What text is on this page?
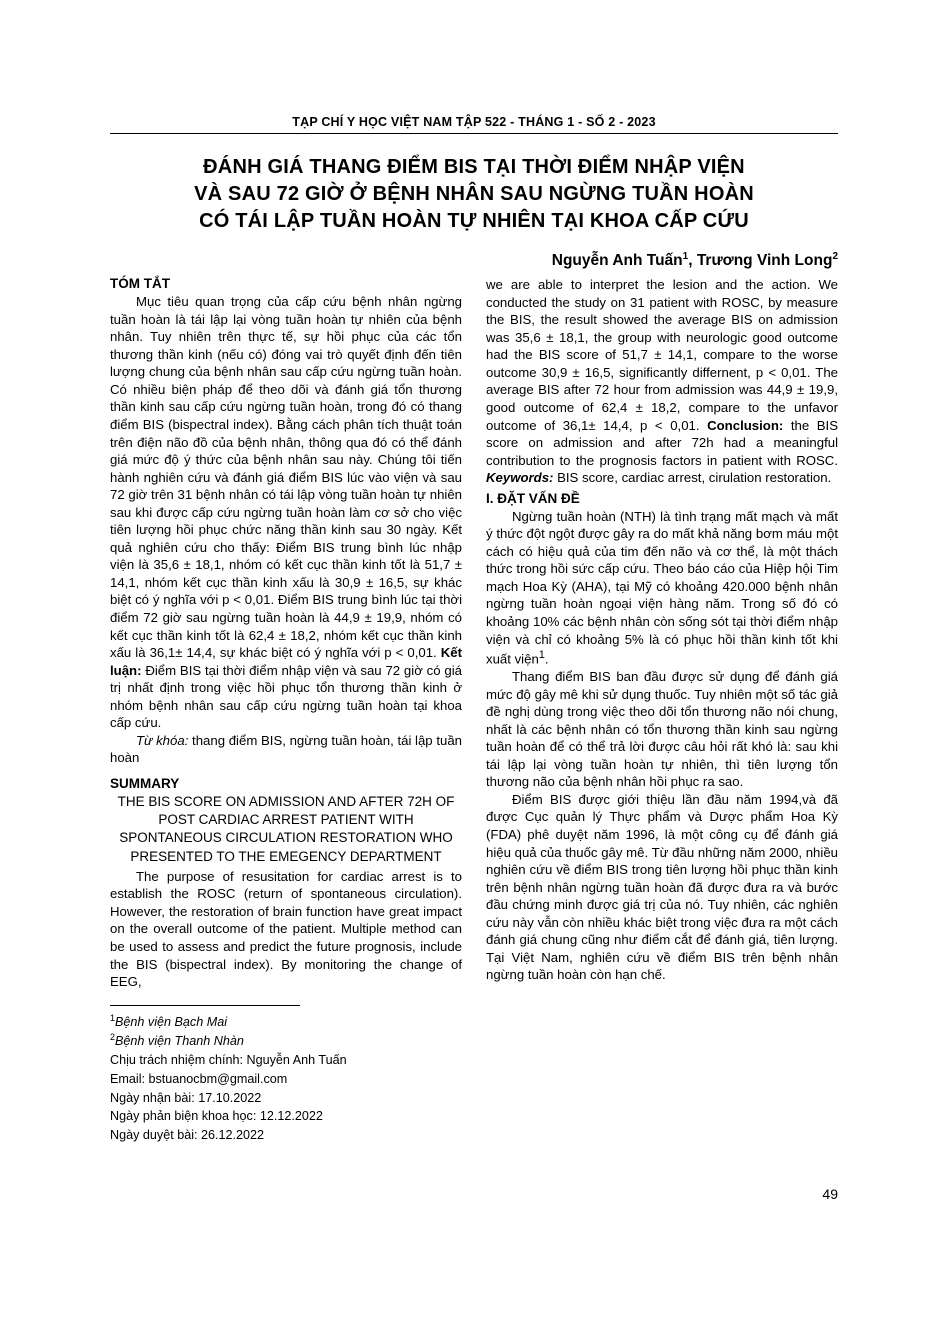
TẠP CHÍ Y HỌC VIỆT NAM TẬP 522 - THÁNG 1 - SỐ 2 - 2023
ĐÁNH GIÁ THANG ĐIỂM BIS TẠI THỜI ĐIỂM NHẬP VIỆN
VÀ SAU 72 GIỜ Ở BỆNH NHÂN SAU NGỪNG TUẦN HOÀN
CÓ TÁI LẬP TUẦN HOÀN TỰ NHIÊN TẠI KHOA CẤP CỨU
Nguyễn Anh Tuấn$^1$, Trương Vinh Long$^2$
TÓM TẮT

Mục tiêu quan trọng của cấp cứu bệnh nhân ngừng tuần hoàn là tái lập lại vòng tuần hoàn tự nhiên của bệnh nhân. Tuy nhiên trên thực tế, sự hồi phục của các tổn thương thần kinh (nếu có) đóng vai trò quyết định đến tiên lượng chung của bệnh nhân sau cấp cứu ngừng tuần hoàn. Có nhiều biện pháp để theo dõi và đánh giá tổn thương thần kinh sau cấp cứu ngừng tuần hoàn, trong đó có thang điểm BIS (bispectral index). Bằng cách phân tích thuật toán trên điện não đồ của bệnh nhân, thông qua đó có thể đánh giá mức độ ý thức của bệnh nhân sau này. Chúng tôi tiến hành nghiên cứu và đánh giá điểm BIS lúc vào viện và sau 72 giờ trên 31 bệnh nhân có tái lập vòng tuần hoàn tự nhiên sau khi được cấp cứu ngừng tuần hoàn làm cơ sở cho việc tiên lượng hồi phục chức năng thần kinh sau 30 ngày. Kết quả nghiên cứu cho thấy: Điểm BIS trung bình lúc nhập viện là 35,6 ± 18,1, nhóm có kết cục thần kinh tốt là 51,7 ± 14,1, nhóm kết cục thần kinh xấu là 30,9 ± 16,5, sự khác biệt có ý nghĩa với p < 0,01. Điểm BIS trung bình lúc tại thời điểm 72 giờ sau ngừng tuần hoàn là 44,9 ± 19,9, nhóm có kết cục thần kinh tốt là 62,4 ± 18,2, nhóm kết cục thần kinh xấu là 36,1± 14,4, sự khác biệt có ý nghĩa với p < 0,01. Kết luận: Điểm BIS tại thời điểm nhập viện và sau 72 giờ có giá trị nhất định trong việc hồi phục tổn thương thần kinh ở nhóm bệnh nhân sau cấp cứu ngừng tuần hoàn tại khoa cấp cứu.

Từ khóa: thang điểm BIS, ngừng tuần hoàn, tái lập tuần hoàn

SUMMARY
THE BIS SCORE ON ADMISSION AND AFTER 72H OF POST CARDIAC ARREST PATIENT WITH SPONTANEOUS CIRCULATION RESTORATION WHO PRESENTED TO THE EMEGENCY DEPARTMENT

The purpose of resusitation for cardiac arrest is to establish the ROSC (return of spontaneous circulation). However, the restoration of brain function have great impact on the overall outcome of the patient. Multiple method can be used to assess and predict the future prognosis, include the BIS (bispectral index). By monitoring the change of EEG,

$^1$Bệnh viện Bạch Mai
$^2$Bệnh viện Thanh Nhàn
Chịu trách nhiệm chính: Nguyễn Anh Tuấn
Email: bstuanocbm@gmail.com
Ngày nhận bài: 17.10.2022
Ngày phản biện khoa học: 12.12.2022
Ngày duyệt bài: 26.12.2022

we are able to interpret the lesion and the action. We conducted the study on 31 patient with ROSC, by measure the BIS, the result showed the average BIS on admission was 35,6 ± 18,1, the group with neurologic good outcome had the BIS score of 51,7 ± 14,1, compare to the worse outcome 30,9 ± 16,5, significantly differnent, p < 0,01. The average BIS after 72 hour from admission was 44,9 ± 19,9, good outcome of 62,4 ± 18,2, compare to the unfavor outcome of 36,1± 14,4, p < 0,01. Conclusion: the BIS score on admission and after 72h had a meaningful contribution to the prognosis factors in patient with ROSC. Keywords: BIS score, cardiac arrest, cirulation restoration.

I. ĐẶT VẤN ĐỀ

Ngừng tuần hoàn (NTH) là tình trạng mất mạch và mất ý thức đột ngột được gây ra do mất khả năng bơm máu một cách có hiệu quả của tim đến não và cơ thể, là một thách thức trong hồi sức cấp cứu. Theo báo cáo của Hiệp hội Tim mạch Hoa Kỳ (AHA), tại Mỹ có khoảng 420.000 bệnh nhân ngừng tuần hoàn ngoại viện hàng năm. Trong số đó có khoảng 10% các bệnh nhân còn sống sót tại thời điểm nhập viện và chỉ có khoảng 5% là có phục hồi thần kinh tốt khi xuất viện$^1$.

Thang điểm BIS ban đầu được sử dụng để đánh giá mức độ gây mê khi sử dụng thuốc. Tuy nhiên một số tác giả đề nghị dùng trong việc theo dõi tổn thương não nói chung, nhất là các bệnh nhân có tổn thương thần kinh sau ngừng tuần hoàn để có thể trả lời được câu hỏi rất khó là: sau khi tái lập lại vòng tuần hoàn tự nhiên, thì tiên lượng tổn thương não của bệnh nhân hồi phục ra sao.

Điểm BIS được giới thiệu lần đầu năm 1994,và đã được Cục quản lý Thực phẩm và Dược phẩm Hoa Kỳ (FDA) phê duyệt năm 1996, là một công cụ để đánh giá hiệu quả của thuốc gây mê. Từ đầu những năm 2000, nhiều nghiên cứu về điểm BIS trong tiên lượng hồi phục thần kinh trên bệnh nhân ngừng tuần hoàn đã được đưa ra và bước đầu chứng minh được giá trị của nó. Tuy nhiên, các nghiên cứu này vẫn còn nhiều khác biệt trong việc đưa ra một cách đánh giá chung cũng như điểm cắt để đánh giá, tiên lượng. Tại Việt Nam, nghiên cứu về điểm BIS trên bệnh nhân ngừng tuần hoàn còn hạn chế.

49
